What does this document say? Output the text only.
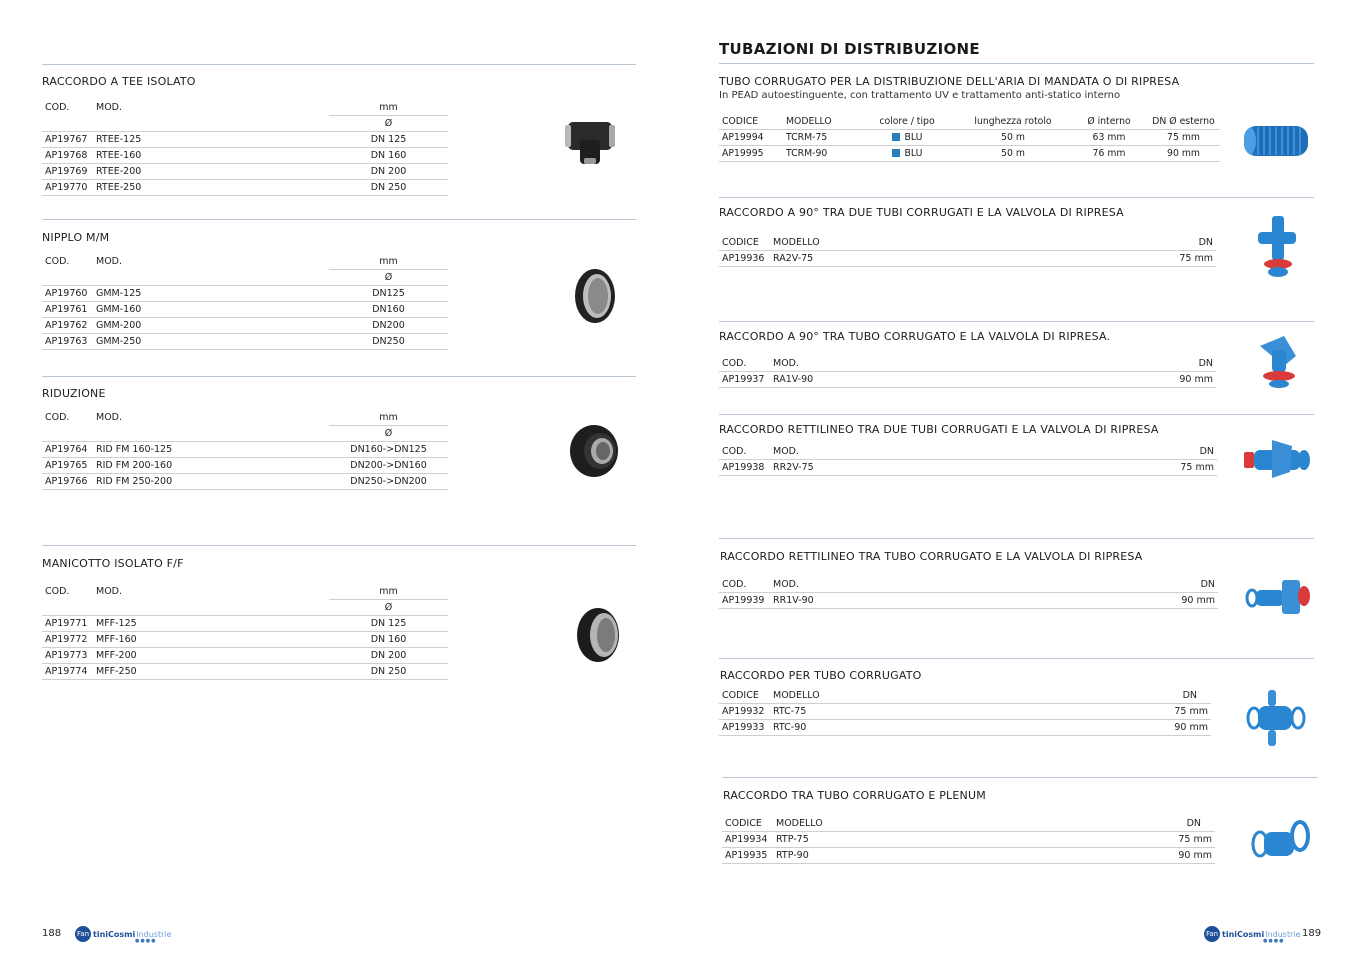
RACCORDO A TEE ISOLATO
COD.	MOD.	mm
		Ø
AP19767	RTEE-125	DN 125
AP19768	RTEE-160	DN 160
AP19769	RTEE-200	DN 200
AP19770	RTEE-250	DN 250
NIPPLO M/M
COD.	MOD.	mm
		Ø
AP19760	GMM-125	DN125
AP19761	GMM-160	DN160
AP19762	GMM-200	DN200
AP19763	GMM-250	DN250
RIDUZIONE
COD.	MOD.	mm
		Ø
AP19764	RID FM 160-125	DN160->DN125
AP19765	RID FM 200-160	DN200->DN160
AP19766	RID FM 250-200	DN250->DN200
MANICOTTO ISOLATO F/F
COD.	MOD.	mm
		Ø
AP19771	MFF-125	DN 125
AP19772	MFF-160	DN 160
AP19773	MFF-200	DN 200
AP19774	MFF-250	DN 250
188 Fan tiniCosmi Industrie
●●●●
TUBAZIONI DI DISTRIBUZIONE
TUBO CORRUGATO PER LA DISTRIBUZIONE DELL'ARIA DI MANDATA O DI RIPRESA
In PEAD autoestinguente, con trattamento UV e trattamento anti-statico interno
CODICE	MODELLO	colore / tipo	lunghezza rotolo	Ø interno	DN Ø esterno
AP19994	TCRM-75	BLU	50 m	63 mm	75 mm
AP19995	TCRM-90	BLU	50 m	76 mm	90 mm
RACCORDO A 90° TRA DUE TUBI CORRUGATI E LA VALVOLA DI RIPRESA
CODICE	MODELLO	DN
AP19936	RA2V-75	75 mm
RACCORDO A 90° TRA TUBO CORRUGATO E LA VALVOLA DI RIPRESA.
COD.	MOD.	DN
AP19937	RA1V-90	90 mm
RACCORDO RETTILINEO TRA DUE TUBI CORRUGATI E LA VALVOLA DI RIPRESA
COD.	MOD.	DN
AP19938	RR2V-75	75 mm
RACCORDO RETTILINEO TRA TUBO CORRUGATO E LA VALVOLA DI RIPRESA
COD.	MOD.	DN
AP19939	RR1V-90	90 mm
RACCORDO PER TUBO CORRUGATO
CODICE	MODELLO	DN
AP19932	RTC-75	75 mm
AP19933	RTC-90	90 mm
RACCORDO TRA TUBO CORRUGATO E PLENUM
CODICE	MODELLO	DN
AP19934	RTP-75	75 mm
AP19935	RTP-90	90 mm
Fan tiniCosmi Industrie
●●●●
189
